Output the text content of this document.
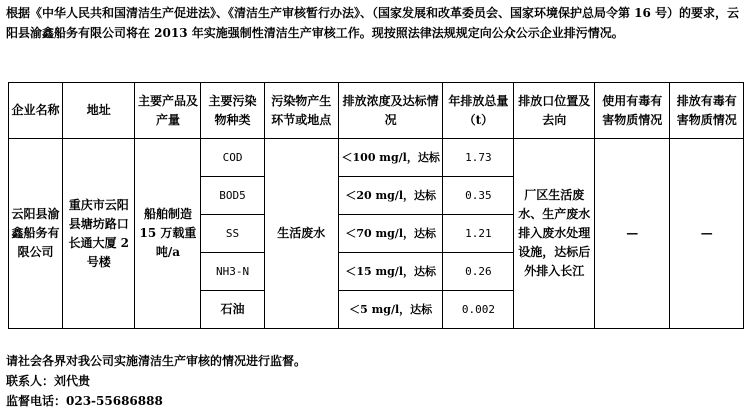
根据《中华人民共和国清洁生产促进法》、《清洁生产审核暂行办法》、（国家发展和改革委员会、国家环境保护总局令第 16 号）的要求，云阳县渝鑫船务有限公司将在 2013 年实施强制性清洁生产审核工作。现按照法律法规规定向公众公示企业排污情况。

企业名称	地址	主要产品及产量	主要污染物种类	污染物产生环节或地点	排放浓度及达标情况	年排放总量（t）	排放口位置及去向	使用有毒有害物质情况	排放有毒有害物质情况
云阳县渝鑫船务有限公司	重庆市云阳县塘坊路口长通大厦 2 号楼	船舶制造15 万载重吨/a	COD	生活废水	＜100 mg/l，达标	1.73	厂区生活废水、生产废水排入废水处理设施，达标后外排入长江	—	—
			BOD5		＜20 mg/l，达标	0.35			
			SS		＜70 mg/l，达标	1.21			
			NH3-N		＜15 mg/l，达标	0.26			
			石油		＜5 mg/l，达标	0.002			
请社会各界对我公司实施清洁生产审核的情况进行监督。
联系人：刘代贵
监督电话：023-55686888
